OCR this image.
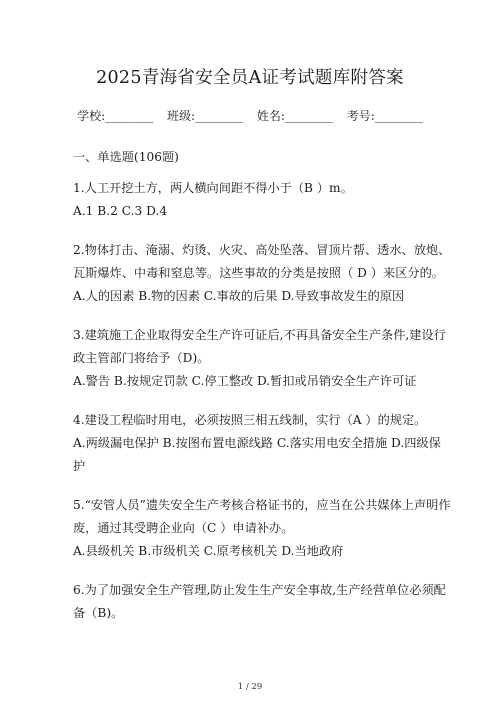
2025青海省安全员A证考试题库附答案
学校:________ 班级:________ 姓名:________ 考号:________
一、单选题(106题)
1.人工开挖土方，两人横向间距不得小于（B ）m。
A.1 B.2 C.3 D.4
2.物体打击、淹溺、灼烫、火灾、高处坠落、冒顶片帮、透水、放炮、
瓦斯爆炸、中毒和窒息等。这些事故的分类是按照（ D ）来区分的。
A.人的因素 B.物的因素 C.事故的后果 D.导致事故发生的原因
3.建筑施工企业取得安全生产许可证后,不再具备安全生产条件,建设行
政主管部门将给予（D)。
A.警告 B.按规定罚款 C.停工整改 D.暂扣或吊销安全生产许可证
4.建设工程临时用电，必须按照三相五线制，实行（A ）的规定。
A.两级漏电保护 B.按图布置电源线路 C.落实用电安全措施 D.四级保
护
5.“安管人员”遗失安全生产考核合格证书的，应当在公共媒体上声明作
废，通过其受聘企业向（C ）申请补办。
A.县级机关 B.市级机关 C.原考核机关 D.当地政府
6.为了加强安全生产管理,防止发生生产安全事故,生产经营单位必须配
备（B)。
1 / 29
